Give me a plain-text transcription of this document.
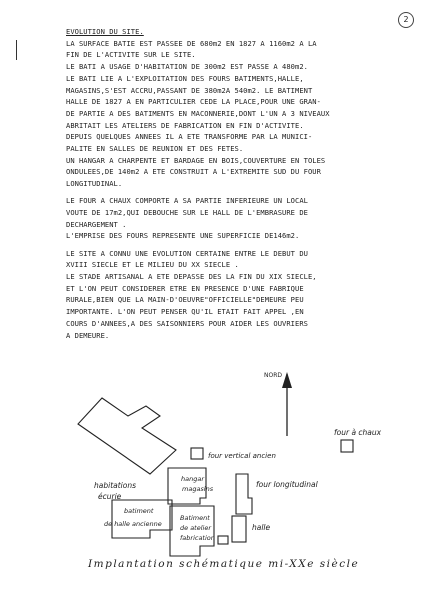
2
EVOLUTION DU SITE.
LA SURFACE BATIE EST PASSEE DE 680m2 EN 1827 A 1160m2 A LA
FIN DE L'ACTIVITE SUR LE SITE.
LE BATI A USAGE D'HABITATION DE 300m2 EST PASSE A 480m2.
LE BATI LIE A L'EXPLOITATION DES FOURS BATIMENTS,HALLE,
MAGASINS,S'EST ACCRU,PASSANT DE 380m2A 540m2. LE BATIMENT
HALLE DE 1827 A EN PARTICULIER CEDE LA PLACE,POUR UNE GRAN-
DE PARTIE A DES BATIMENTS EN MACONNERIE,DONT L'UN A 3 NIVEAUX
ABRITAIT LES ATELIERS DE FABRICATION EN FIN D'ACTIVITE.
DEPUIS QUELQUES ANNEES IL A ETE TRANSFORME PAR LA MUNICI-
PALITE EN SALLES DE REUNION ET DES FETES.
UN HANGAR A CHARPENTE ET BARDAGE EN BOIS,COUVERTURE EN TOLES
ONDULEES,DE 140m2 A ETE CONSTRUIT A L'EXTREMITE SUD DU FOUR
LONGITUDINAL.
LE FOUR A CHAUX COMPORTE A SA PARTIE INFERIEURE UN LOCAL
VOUTE DE 17m2,QUI DEBOUCHE SUR LE HALL DE L'EMBRASURE DE
DECHARGEMENT .
L'EMPRISE DES FOURS REPRESENTE UNE SUPERFICIE DE146m2.
LE SITE A CONNU UNE EVOLUTION CERTAINE ENTRE LE DEBUT DU
XVIII SIECLE ET LE MILIEU DU XX SIECLE .
LE STADE ARTISANAL A ETE DEPASSE DES LA FIN DU XIX SIECLE,
ET L'ON PEUT CONSIDERER ETRE EN PRESENCE D'UNE FABRIQUE
RURALE,BIEN QUE LA MAIN-D'OEUVRE"OFFICIELLE"DEMEURE PEU
IMPORTANTE. L'ON PEUT PENSER QU'IL ETAIT FAIT APPEL ,EN
COURS D'ANNEES,A DES SAISONNIERS POUR AIDER LES OUVRIERS
A DEMEURE.
NORD
habitations
écurie
four vertical ancien
four à chaux
hangar
magasins
batiment
de halle ancienne
four longitudinal
Batiment
de atelier
fabrication
halle
Implantation schématique mi-XXe siècle
